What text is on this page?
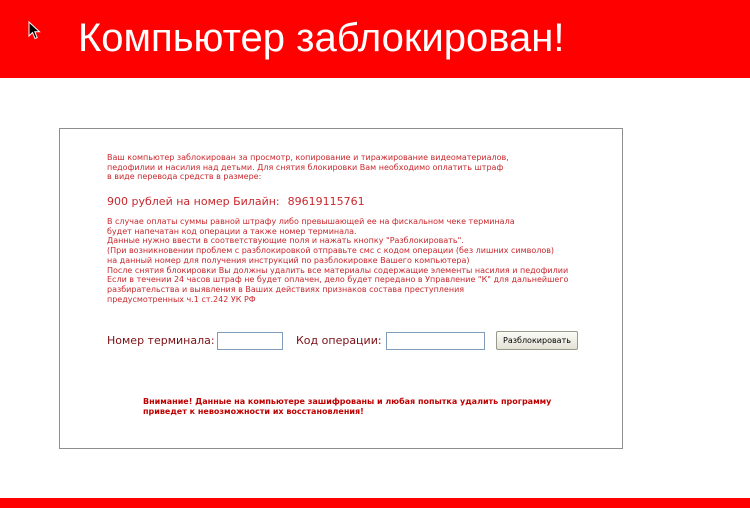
Компьютер заблокирован!

Ваш компьютер заблокирован за просмотр, копирование и тиражирование видеоматериалов,
педофилии и насилия над детьми. Для снятия блокировки Вам необходимо оплатить штраф
в виде перевода средств в размере:

900 рублей на номер Билайн: 89619115761

В случае оплаты суммы равной штрафу либо превышающей ее на фискальном чеке терминала
будет напечатан код операции а также номер терминала.
Данные нужно ввести в соответствующие поля и нажать кнопку "Разблокировать".
(При возникновении проблем с разблокировкой отправьте смс с кодом операции (без лишних символов)
на данный номер для получения инструкций по разблокировке Вашего компьютера)
После снятия блокировки Вы должны удалить все материалы содержащие элементы насилия и педофилии
Если в течении 24 часов штраф не будет оплачен, дело будет передано в Управление "К" для дальнейшего
разбирательства и выявления в Ваших действиях признаков состава преступления
предусмотренных ч.1 ст.242 УК РФ

Номер терминала:	Код операции:	Разблокировать

Внимание! Данные на компьютере зашифрованы и любая попытка удалить программу
приведет к невозможности их восстановления!
